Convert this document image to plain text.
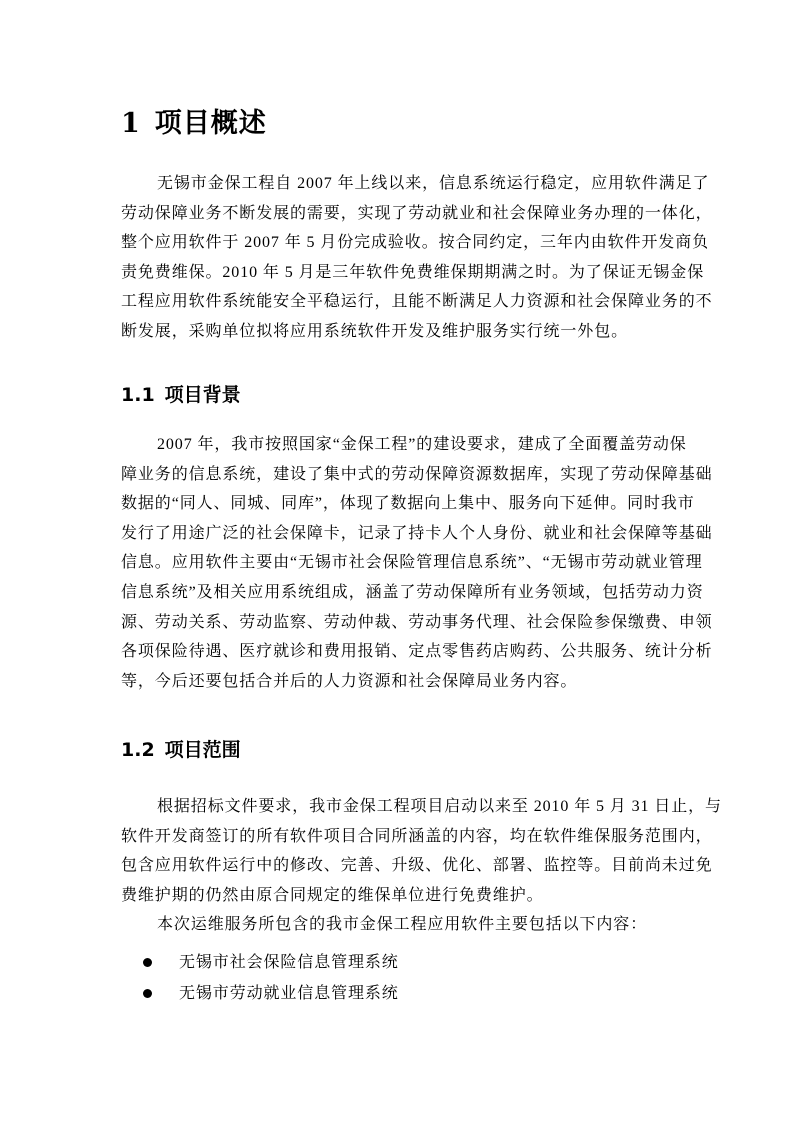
1 项目概述

无锡市金保工程自 2007 年上线以来，信息系统运行稳定，应用软件满足了
劳动保障业务不断发展的需要，实现了劳动就业和社会保障业务办理的一体化，
整个应用软件于 2007 年 5 月份完成验收。按合同约定，三年内由软件开发商负
责免费维保。2010 年 5 月是三年软件免费维保期期满之时。为了保证无锡金保
工程应用软件系统能安全平稳运行，且能不断满足人力资源和社会保障业务的不
断发展，采购单位拟将应用系统软件开发及维护服务实行统一外包。

1.1 项目背景

2007 年，我市按照国家“金保工程”的建设要求，建成了全面覆盖劳动保
障业务的信息系统，建设了集中式的劳动保障资源数据库，实现了劳动保障基础
数据的“同人、同城、同库”，体现了数据向上集中、服务向下延伸。同时我市
发行了用途广泛的社会保障卡，记录了持卡人个人身份、就业和社会保障等基础
信息。应用软件主要由“无锡市社会保险管理信息系统”、“无锡市劳动就业管理
信息系统”及相关应用系统组成，涵盖了劳动保障所有业务领域，包括劳动力资
源、劳动关系、劳动监察、劳动仲裁、劳动事务代理、社会保险参保缴费、申领
各项保险待遇、医疗就诊和费用报销、定点零售药店购药、公共服务、统计分析
等，今后还要包括合并后的人力资源和社会保障局业务内容。

1.2 项目范围

根据招标文件要求，我市金保工程项目启动以来至 2010 年 5 月 31 日止，与
软件开发商签订的所有软件项目合同所涵盖的内容，均在软件维保服务范围内，
包含应用软件运行中的修改、完善、升级、优化、部署、监控等。目前尚未过免
费维护期的仍然由原合同规定的维保单位进行免费维护。

本次运维服务所包含的我市金保工程应用软件主要包括以下内容：

无锡市社会保险信息管理系统
无锡市劳动就业信息管理系统
